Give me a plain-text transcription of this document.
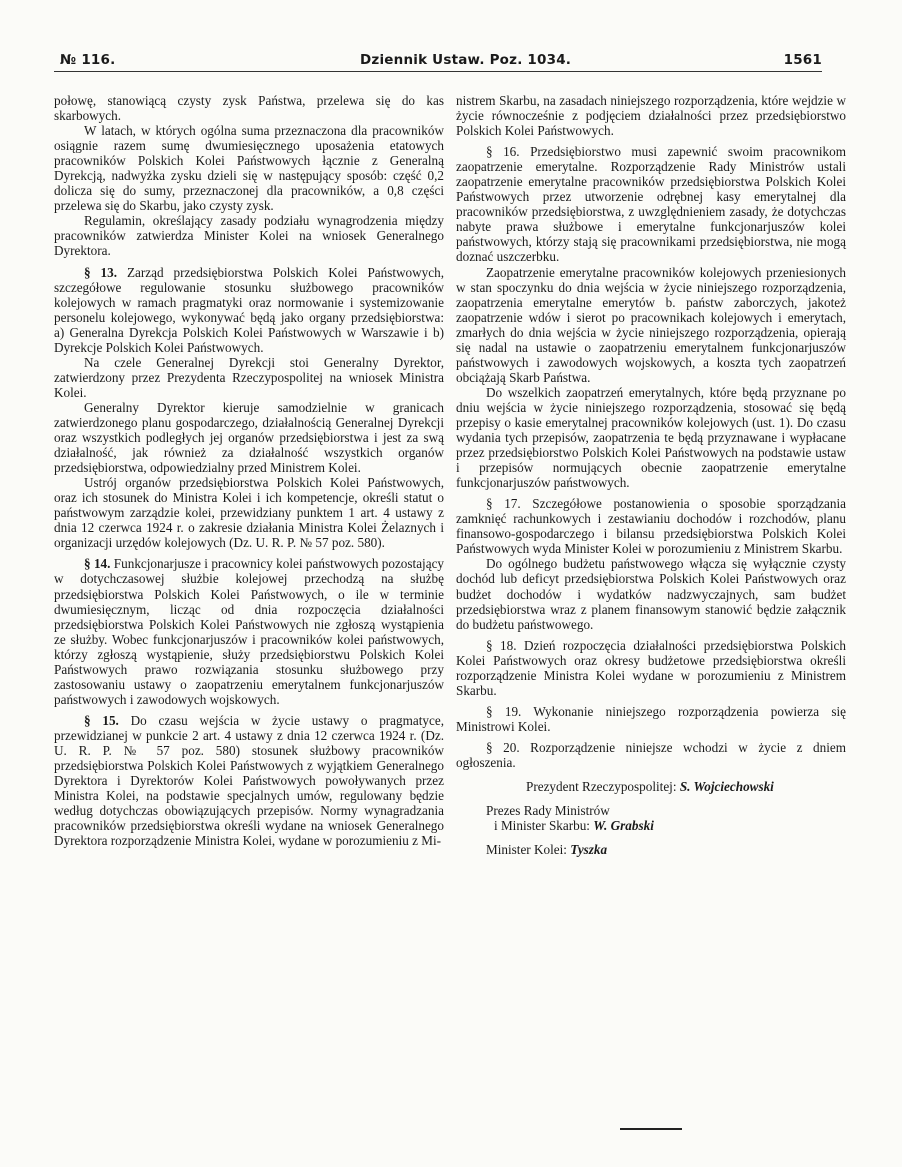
№ 116.	Dziennik Ustaw. Poz. 1034.	1561

połowę, stanowiącą czysty zysk Państwa, przelewa się do kas skarbowych.

W latach, w których ogólna suma przeznaczona dla pracowników osiągnie razem sumę dwumiesięcznego uposażenia etatowych pracowników Polskich Kolei Państwowych łącznie z Generalną Dyrekcją, nadwyżka zysku dzieli się w następujący sposób: część 0,2 dolicza się do sumy, przeznaczonej dla pracowników, a 0,8 części przelewa się do Skarbu, jako czysty zysk.

Regulamin, określający zasady podziału wynagrodzenia między pracowników zatwierdza Minister Kolei na wniosek Generalnego Dyrektora.

§ 13. Zarząd przedsiębiorstwa Polskich Kolei Państwowych, szczegółowe regulowanie stosunku służbowego pracowników kolejowych w ramach pragmatyki oraz normowanie i systemizowanie personelu kolejowego, wykonywać będą jako organy przedsiębiorstwa: a) Generalna Dyrekcja Polskich Kolei Państwowych w Warszawie i b) Dyrekcje Polskich Kolei Państwowych.

Na czele Generalnej Dyrekcji stoi Generalny Dyrektor, zatwierdzony przez Prezydenta Rzeczypospolitej na wniosek Ministra Kolei.

Generalny Dyrektor kieruje samodzielnie w granicach zatwierdzonego planu gospodarczego, działalnością Generalnej Dyrekcji oraz wszystkich podległych jej organów przedsiębiorstwa i jest za swą działalność, jak również za działalność wszystkich organów przedsiębiorstwa, odpowiedzialny przed Ministrem Kolei.

Ustrój organów przedsiębiorstwa Polskich Kolei Państwowych, oraz ich stosunek do Ministra Kolei i ich kompetencje, określi statut o państwowym zarządzie kolei, przewidziany punktem 1 art. 4 ustawy z dnia 12 czerwca 1924 r. o zakresie działania Ministra Kolei Żelaznych i organizacji urzędów kolejowych (Dz. U. R. P. № 57 poz. 580).

§ 14. Funkcjonarjusze i pracownicy kolei państwowych pozostający w dotychczasowej służbie kolejowej przechodzą na służbę przedsiębiorstwa Polskich Kolei Państwowych, o ile w terminie dwumiesięcznym, licząc od dnia rozpoczęcia działalności przedsiębiorstwa Polskich Kolei Państwowych nie zgłoszą wystąpienia ze służby. Wobec funkcjonarjuszów i pracowników kolei państwowych, którzy zgłoszą wystąpienie, służy przedsiębiorstwu Polskich Kolei Państwowych prawo rozwiązania stosunku służbowego przy zastosowaniu ustawy o zaopatrzeniu emerytalnem funkcjonarjuszów państwowych i zawodowych wojskowych.

§ 15. Do czasu wejścia w życie ustawy o pragmatyce, przewidzianej w punkcie 2 art. 4 ustawy z dnia 12 czerwca 1924 r. (Dz. U. R. P. № 57 poz. 580) stosunek służbowy pracowników przedsiębiorstwa Polskich Kolei Państwowych z wyjątkiem Generalnego Dyrektora i Dyrektorów Kolei Państwowych powoływanych przez Ministra Kolei, na podstawie specjalnych umów, regulowany będzie według dotychczas obowiązujących przepisów. Normy wynagradzania pracowników przedsiębiorstwa określi wydane na wniosek Generalnego Dyrektora rozporządzenie Ministra Kolei, wydane w porozumieniu z Mi-

nistrem Skarbu, na zasadach niniejszego rozporządzenia, które wejdzie w życie równocześnie z podjęciem działalności przez przedsiębiorstwo Polskich Kolei Państwowych.

§ 16. Przedsiębiorstwo musi zapewnić swoim pracownikom zaopatrzenie emerytalne. Rozporządzenie Rady Ministrów ustali zaopatrzenie emerytalne pracowników przedsiębiorstwa Polskich Kolei Państwowych przez utworzenie odrębnej kasy emerytalnej dla pracowników przedsiębiorstwa, z uwzględnieniem zasady, że dotychczas nabyte prawa służbowe i emerytalne funkcjonarjuszów kolei państwowych, którzy stają się pracownikami przedsiębiorstwa, nie mogą doznać uszczerbku.

Zaopatrzenie emerytalne pracowników kolejowych przeniesionych w stan spoczynku do dnia wejścia w życie niniejszego rozporządzenia, zaopatrzenia emerytalne emerytów b. państw zaborczych, jakoteż zaopatrzenie wdów i sierot po pracownikach kolejowych i emerytach, zmarłych do dnia wejścia w życie niniejszego rozporządzenia, opierają się nadal na ustawie o zaopatrzeniu emerytalnem funkcjonarjuszów państwowych i zawodowych wojskowych, a koszta tych zaopatrzeń obciążają Skarb Państwa.

Do wszelkich zaopatrzeń emerytalnych, które będą przyznane po dniu wejścia w życie niniejszego rozporządzenia, stosować się będą przepisy o kasie emerytalnej pracowników kolejowych (ust. 1). Do czasu wydania tych przepisów, zaopatrzenia te będą przyznawane i wypłacane przez przedsiębiorstwo Polskich Kolei Państwowych na podstawie ustaw i przepisów normujących obecnie zaopatrzenie emerytalne funkcjonarjuszów państwowych.

§ 17. Szczegółowe postanowienia o sposobie sporządzania zamknięć rachunkowych i zestawianiu dochodów i rozchodów, planu finansowo-gospodarczego i bilansu przedsiębiorstwa Polskich Kolei Państwowych wyda Minister Kolei w porozumieniu z Ministrem Skarbu.

Do ogólnego budżetu państwowego włącza się wyłącznie czysty dochód lub deficyt przedsiębiorstwa Polskich Kolei Państwowych oraz budżet dochodów i wydatków nadzwyczajnych, sam budżet przedsiębiorstwa wraz z planem finansowym stanowić będzie załącznik do budżetu państwowego.

§ 18. Dzień rozpoczęcia działalności przedsiębiorstwa Polskich Kolei Państwowych oraz okresy budżetowe przedsiębiorstwa określi rozporządzenie Ministra Kolei wydane w porozumieniu z Ministrem Skarbu.

§ 19. Wykonanie niniejszego rozporządzenia powierza się Ministrowi Kolei.

§ 20. Rozporządzenie niniejsze wchodzi w życie z dniem ogłoszenia.

Prezydent Rzeczypospolitej: S. Wojciechowski

Prezes Rady Ministrów

i Minister Skarbu: W. Grabski

Minister Kolei: Tyszka
